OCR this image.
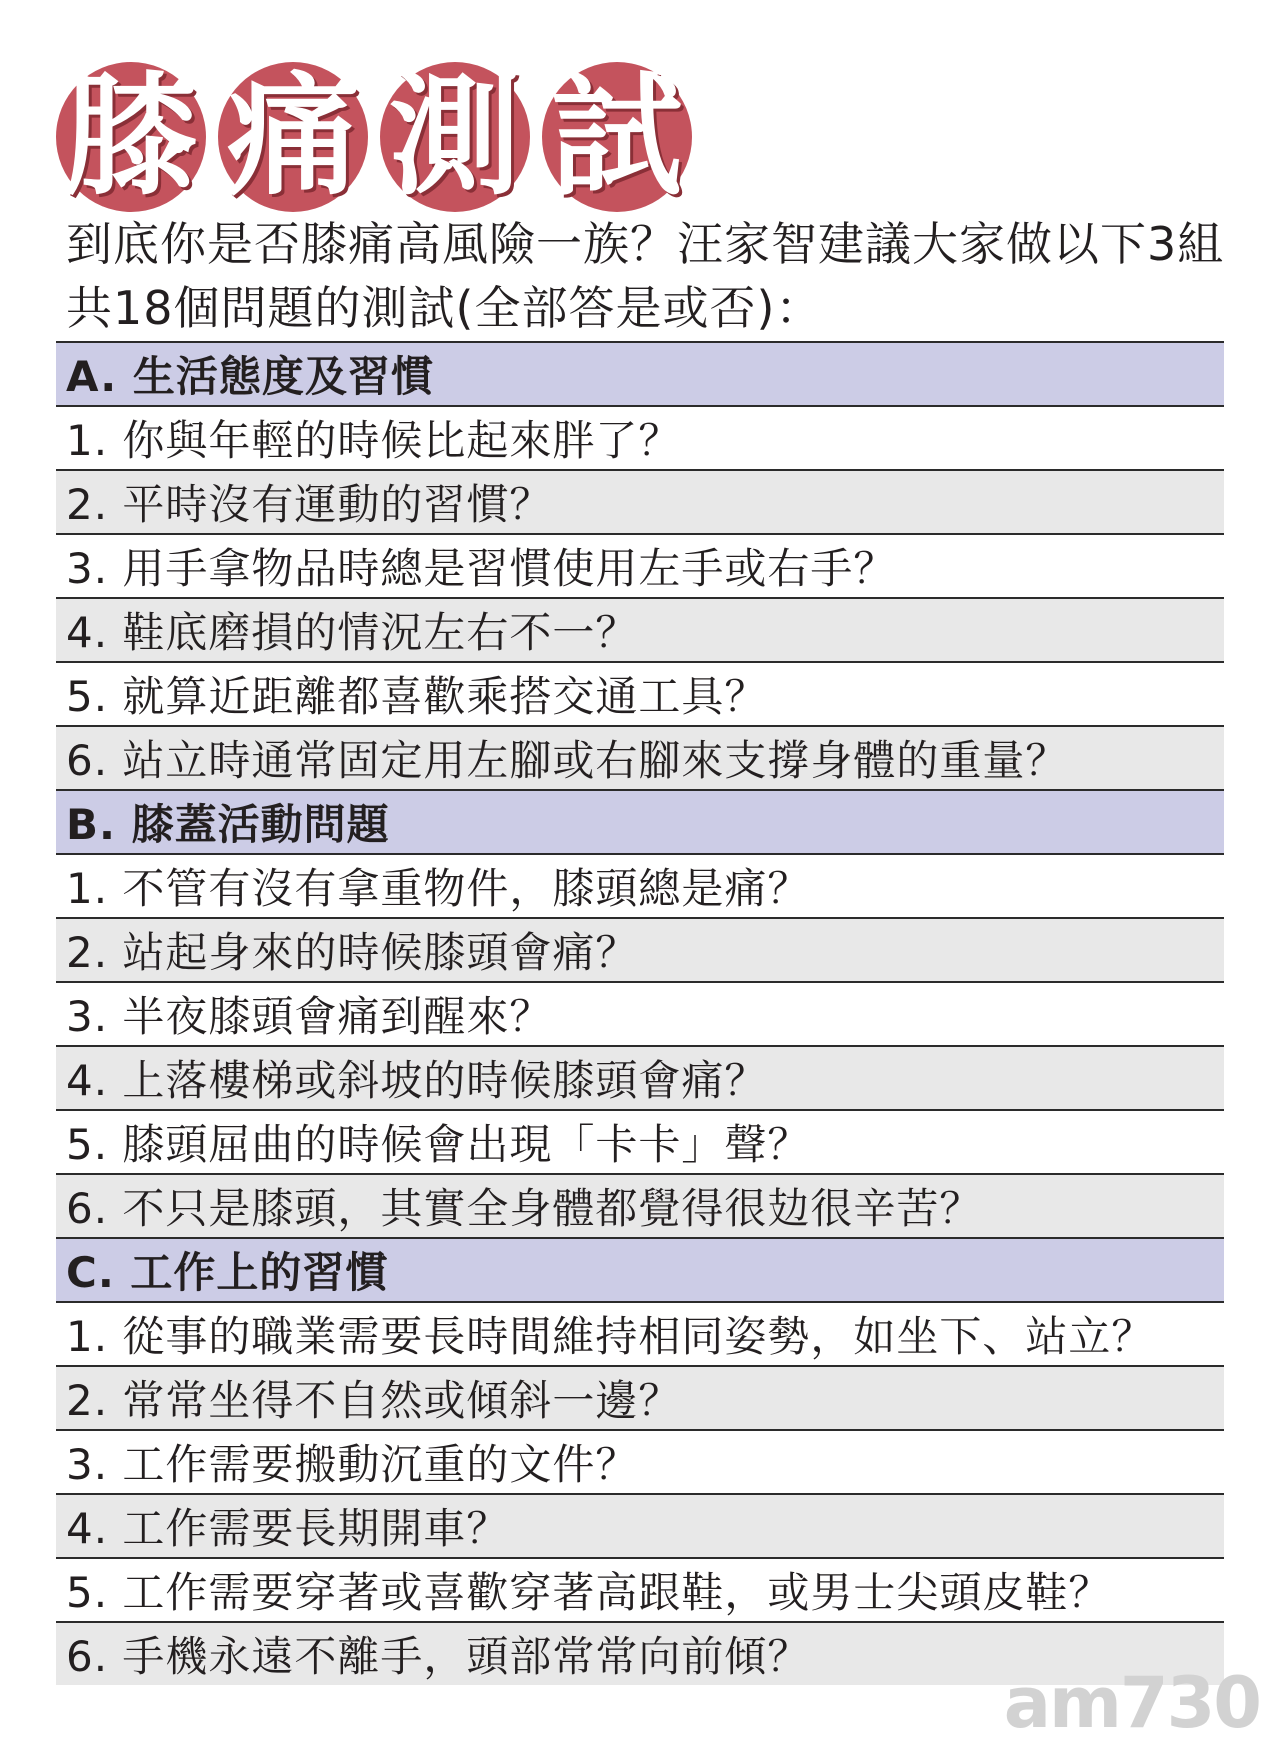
膝 痛 測 試

到底你是否膝痛高風險一族？汪家智建議大家做以下3組共18個問題的測試(全部答是或否)：

A. 生活態度及習慣
1. 你與年輕的時候比起來胖了？
2. 平時沒有運動的習慣？
3. 用手拿物品時總是習慣使用左手或右手？
4. 鞋底磨損的情況左右不一？
5. 就算近距離都喜歡乘搭交通工具？
6. 站立時通常固定用左腳或右腳來支撐身體的重量？
B. 膝蓋活動問題
1. 不管有沒有拿重物件，膝頭總是痛？
2. 站起身來的時候膝頭會痛？
3. 半夜膝頭會痛到醒來？
4. 上落樓梯或斜坡的時候膝頭會痛？
5. 膝頭屈曲的時候會出現「卡卡」聲？
6. 不只是膝頭，其實全身體都覺得很攰很辛苦？
C. 工作上的習慣
1. 從事的職業需要長時間維持相同姿勢，如坐下、站立？
2. 常常坐得不自然或傾斜一邊？
3. 工作需要搬動沉重的文件？
4. 工作需要長期開車？
5. 工作需要穿著或喜歡穿著高跟鞋，或男士尖頭皮鞋？
6. 手機永遠不離手，頭部常常向前傾？
am730
